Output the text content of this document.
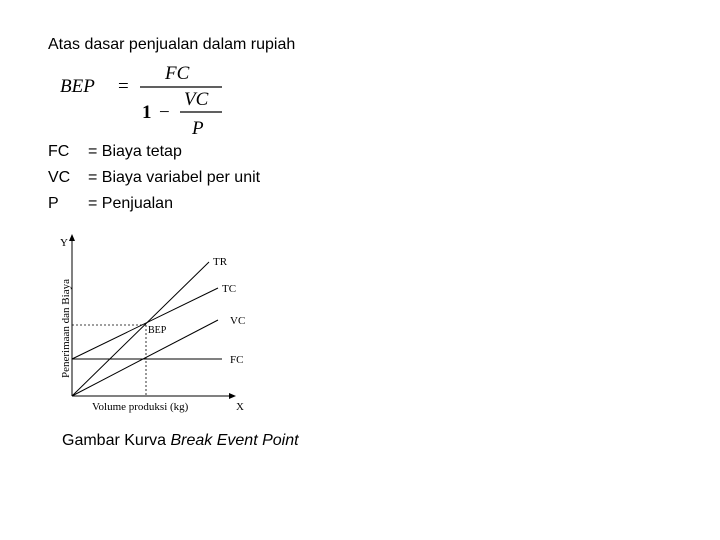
Atas dasar penjualan dalam rupiah
BEP =
FC
1 −
VC
P
FC = Biaya tetap
VC = Biaya variabel per unit
P = Penjualan
Y
X
Penerimaan dan Biaya
Volume produksi (kg)
TR
TC
VC
FC
BEP
Gambar Kurva Break Event Point
